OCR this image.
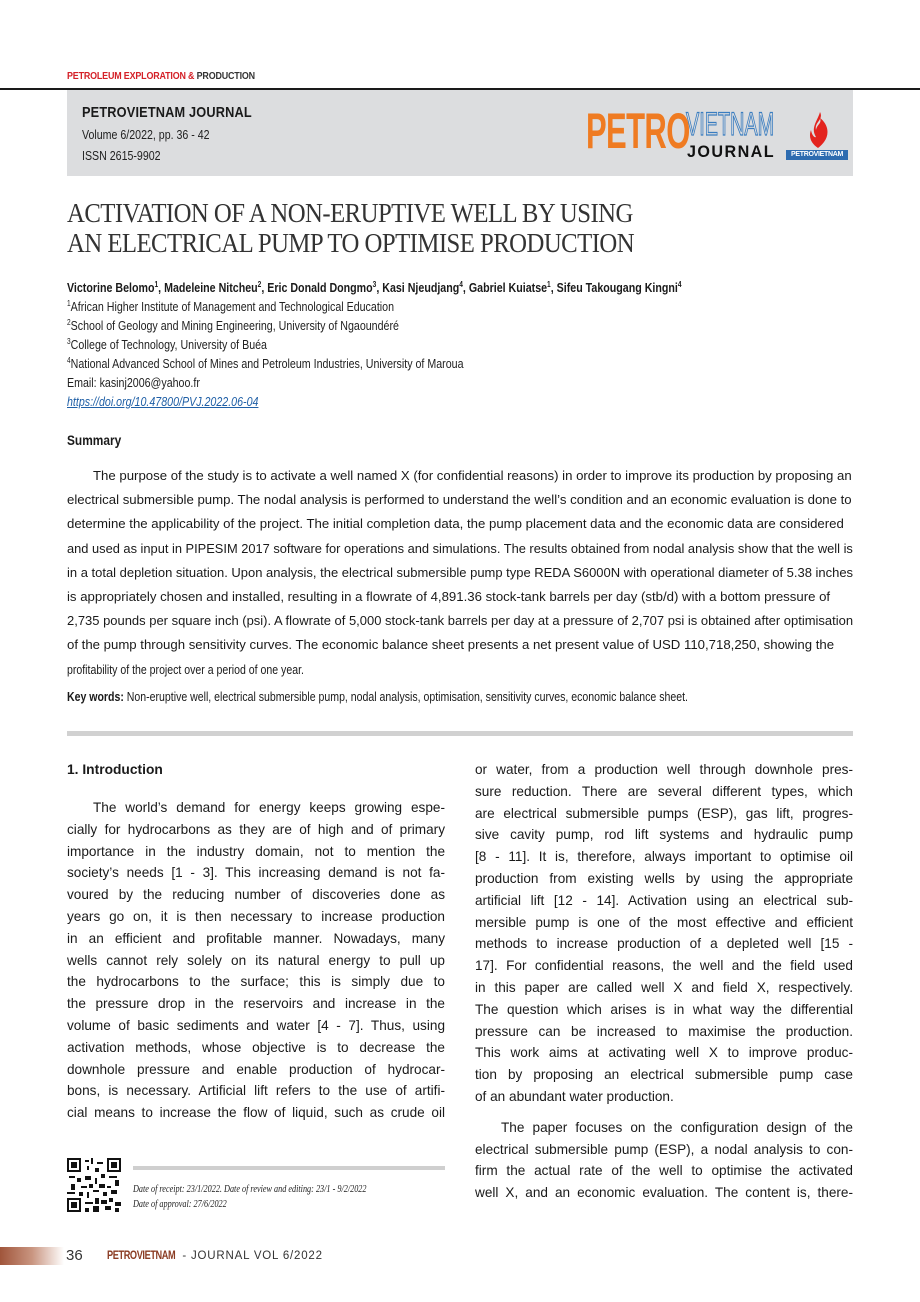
PETROLEUM EXPLORATION & PRODUCTION
PETROVIETNAM JOURNAL
Volume 6/2022, pp. 36 - 42
ISSN 2615-9902	PETRO
VIETNAM
JOURNAL	PETROVIETNAM
ACTIVATION OF A NON-ERUPTIVE WELL BY USING
AN ELECTRICAL PUMP TO OPTIMISE PRODUCTION
Victorine Belomo$^1$, Madeleine Nitcheu$^2$, Eric Donald Dongmo$^3$, Kasi Njeudjang$^4$, Gabriel Kuiatse$^1$, Sifeu Takougang Kingni$^4$
$^1$African Higher Institute of Management and Technological Education
$^2$School of Geology and Mining Engineering, University of Ngaoundéré
$^3$College of Technology, University of Buéa
$^4$National Advanced School of Mines and Petroleum Industries, University of Maroua
Email: kasinj2006@yahoo.fr
https://doi.org/10.47800/PVJ.2022.06-04
Summary
The purpose of the study is to activate a well named X (for confidential reasons) in order to improve its production by proposing an
electrical submersible pump. The nodal analysis is performed to understand the well’s condition and an economic evaluation is done to
determine the applicability of the project. The initial completion data, the pump placement data and the economic data are considered
and used as input in PIPESIM 2017 software for operations and simulations. The results obtained from nodal analysis show that the well is
in a total depletion situation. Upon analysis, the electrical submersible pump type REDA S6000N with operational diameter of 5.38 inches
is appropriately chosen and installed, resulting in a flowrate of 4,891.36 stock-tank barrels per day (stb/d) with a bottom pressure of
2,735 pounds per square inch (psi). A flowrate of 5,000 stock-tank barrels per day at a pressure of 2,707 psi is obtained after optimisation
of the pump through sensitivity curves. The economic balance sheet presents a net present value of USD 110,718,250, showing the
profitability of the project over a period of one year.
Key words: Non-eruptive well, electrical submersible pump, nodal analysis, optimisation, sensitivity curves, economic balance sheet.
1. Introduction
The world’s demand for energy keeps growing espe-
cially for hydrocarbons as they are of high and of primary
importance in the industry domain, not to mention the
society’s needs [1 - 3]. This increasing demand is not fa-
voured by the reducing number of discoveries done as
years go on, it is then necessary to increase production
in an efficient and profitable manner. Nowadays, many
wells cannot rely solely on its natural energy to pull up
the hydrocarbons to the surface; this is simply due to
the pressure drop in the reservoirs and increase in the
volume of basic sediments and water [4 - 7]. Thus, using
activation methods, whose objective is to decrease the
downhole pressure and enable production of hydrocar-
bons, is necessary. Artificial lift refers to the use of artifi-
cial means to increase the flow of liquid, such as crude oil
or water, from a production well through downhole pres-
sure reduction. There are several different types, which
are electrical submersible pumps (ESP), gas lift, progres-
sive cavity pump, rod lift systems and hydraulic pump
[8 - 11]. It is, therefore, always important to optimise oil
production from existing wells by using the appropriate
artificial lift [12 - 14]. Activation using an electrical sub-
mersible pump is one of the most effective and efficient
methods to increase production of a depleted well [15 -
17]. For confidential reasons, the well and the field used
in this paper are called well X and field X, respectively.
The question which arises is in what way the differential
pressure can be increased to maximise the production.
This work aims at activating well X to improve produc-
tion by proposing an electrical submersible pump case
of an abundant water production.
The paper focuses on the configuration design of the
electrical submersible pump (ESP), a nodal analysis to con-
firm the actual rate of the well to optimise the activated
well X, and an economic evaluation. The content is, there-
Date of receipt: 23/1/2022. Date of review and editing: 23/1 - 9/2/2022
Date of approval: 27/6/2022
36 PETROVIETNAM - JOURNAL VOL 6/2022
